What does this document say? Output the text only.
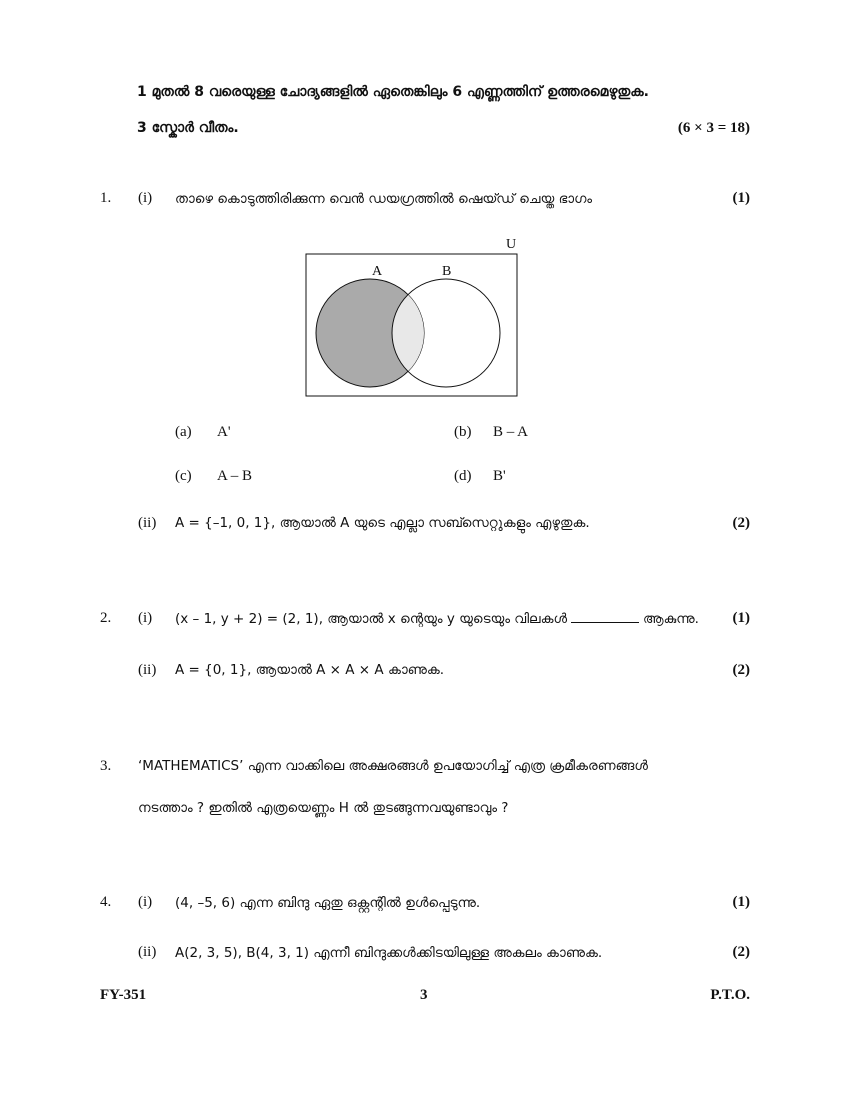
1 മുതൽ 8 വരെയുള്ള ചോദ്യങ്ങളിൽ ഏതെങ്കിലും 6 എണ്ണത്തിന് ഉത്തരമെഴുതുക.
3 സ്കോർ വീതം.	(6 × 3 = 18)
1. (i) താഴെ കൊടുത്തിരിക്കുന്ന വെൻ ഡയഗ്രത്തിൽ ഷെയ്ഡ് ചെയ്ത ഭാഗം	(1)
U
A	B
(a) A'	(b) B – A
(c) A – B	(d) B'
(ii) A = {–1, 0, 1}, ആയാൽ A യുടെ എല്ലാ സബ്സെറ്റുകളും എഴുതുക.	(2)
2. (i) (x – 1, y + 2) = (2, 1), ആയാൽ x ന്റെയും y യുടെയും വിലകൾ	ആകുന്നു. (1)
(ii) A = {0, 1}, ആയാൽ A × A × A കാണുക.	(2)
3. ‘MATHEMATICS’ എന്ന വാക്കിലെ അക്ഷരങ്ങൾ ഉപയോഗിച്ച് എത്ര ക്രമീകരണങ്ങൾ
നടത്താം ? ഇതിൽ എത്രയെണ്ണം H ൽ തുടങ്ങുന്നവയുണ്ടാവും ?
4. (i) (4, –5, 6) എന്ന ബിന്ദു ഏതു ഒക്റ്റന്റിൽ ഉൾപ്പെടുന്നു.	(1)
(ii) A(2, 3, 5), B(4, 3, 1) എന്നീ ബിന്ദുക്കൾക്കിടയിലുള്ള അകലം കാണുക.	(2)
FY-351	3	P.T.O.
